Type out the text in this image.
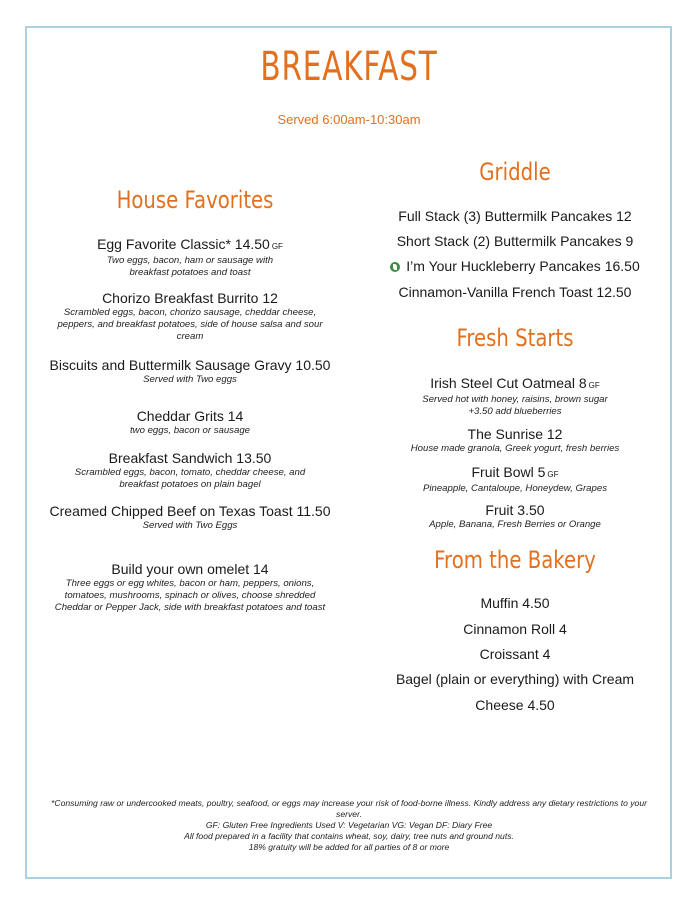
BREAKFAST
Served 6:00am-10:30am
House Favorites
Egg Favorite Classic* 14.50 GF
Two eggs, bacon, ham or sausage with breakfast potatoes and toast
Chorizo Breakfast Burrito 12
Scrambled eggs, bacon, chorizo sausage, cheddar cheese, peppers, and breakfast potatoes, side of house salsa and sour cream
Biscuits and Buttermilk Sausage Gravy 10.50
Served with Two eggs
Cheddar Grits 14
two eggs, bacon or sausage
Breakfast Sandwich 13.50
Scrambled eggs, bacon, tomato, cheddar cheese, and breakfast potatoes on plain bagel
Creamed Chipped Beef on Texas Toast 11.50
Served with Two Eggs
Build your own omelet 14
Three eggs or egg whites, bacon or ham, peppers, onions, tomatoes, mushrooms, spinach or olives, choose shredded Cheddar or Pepper Jack, side with breakfast potatoes and toast
Griddle
Full Stack (3) Buttermilk Pancakes 12
Short Stack (2) Buttermilk Pancakes 9
I’m Your Huckleberry Pancakes 16.50
Cinnamon-Vanilla French Toast 12.50
Fresh Starts
Irish Steel Cut Oatmeal 8 GF
Served hot with honey, raisins, brown sugar
+3.50 add blueberries
The Sunrise 12
House made granola, Greek yogurt, fresh berries
Fruit Bowl 5 GF
Pineapple, Cantaloupe, Honeydew, Grapes
Fruit 3.50
Apple, Banana, Fresh Berries or Orange
From the Bakery
Muffin 4.50
Cinnamon Roll 4
Croissant 4
Bagel (plain or everything) with Cream
Cheese 4.50
*Consuming raw or undercooked meats, poultry, seafood, or eggs may increase your risk of food-borne illness. Kindly address any dietary restrictions to your server.
GF: Gluten Free Ingredients Used V: Vegetarian VG: Vegan DF: Diary Free
All food prepared in a facility that contains wheat, soy, dairy, tree nuts and ground nuts.
18% gratuity will be added for all parties of 8 or more
